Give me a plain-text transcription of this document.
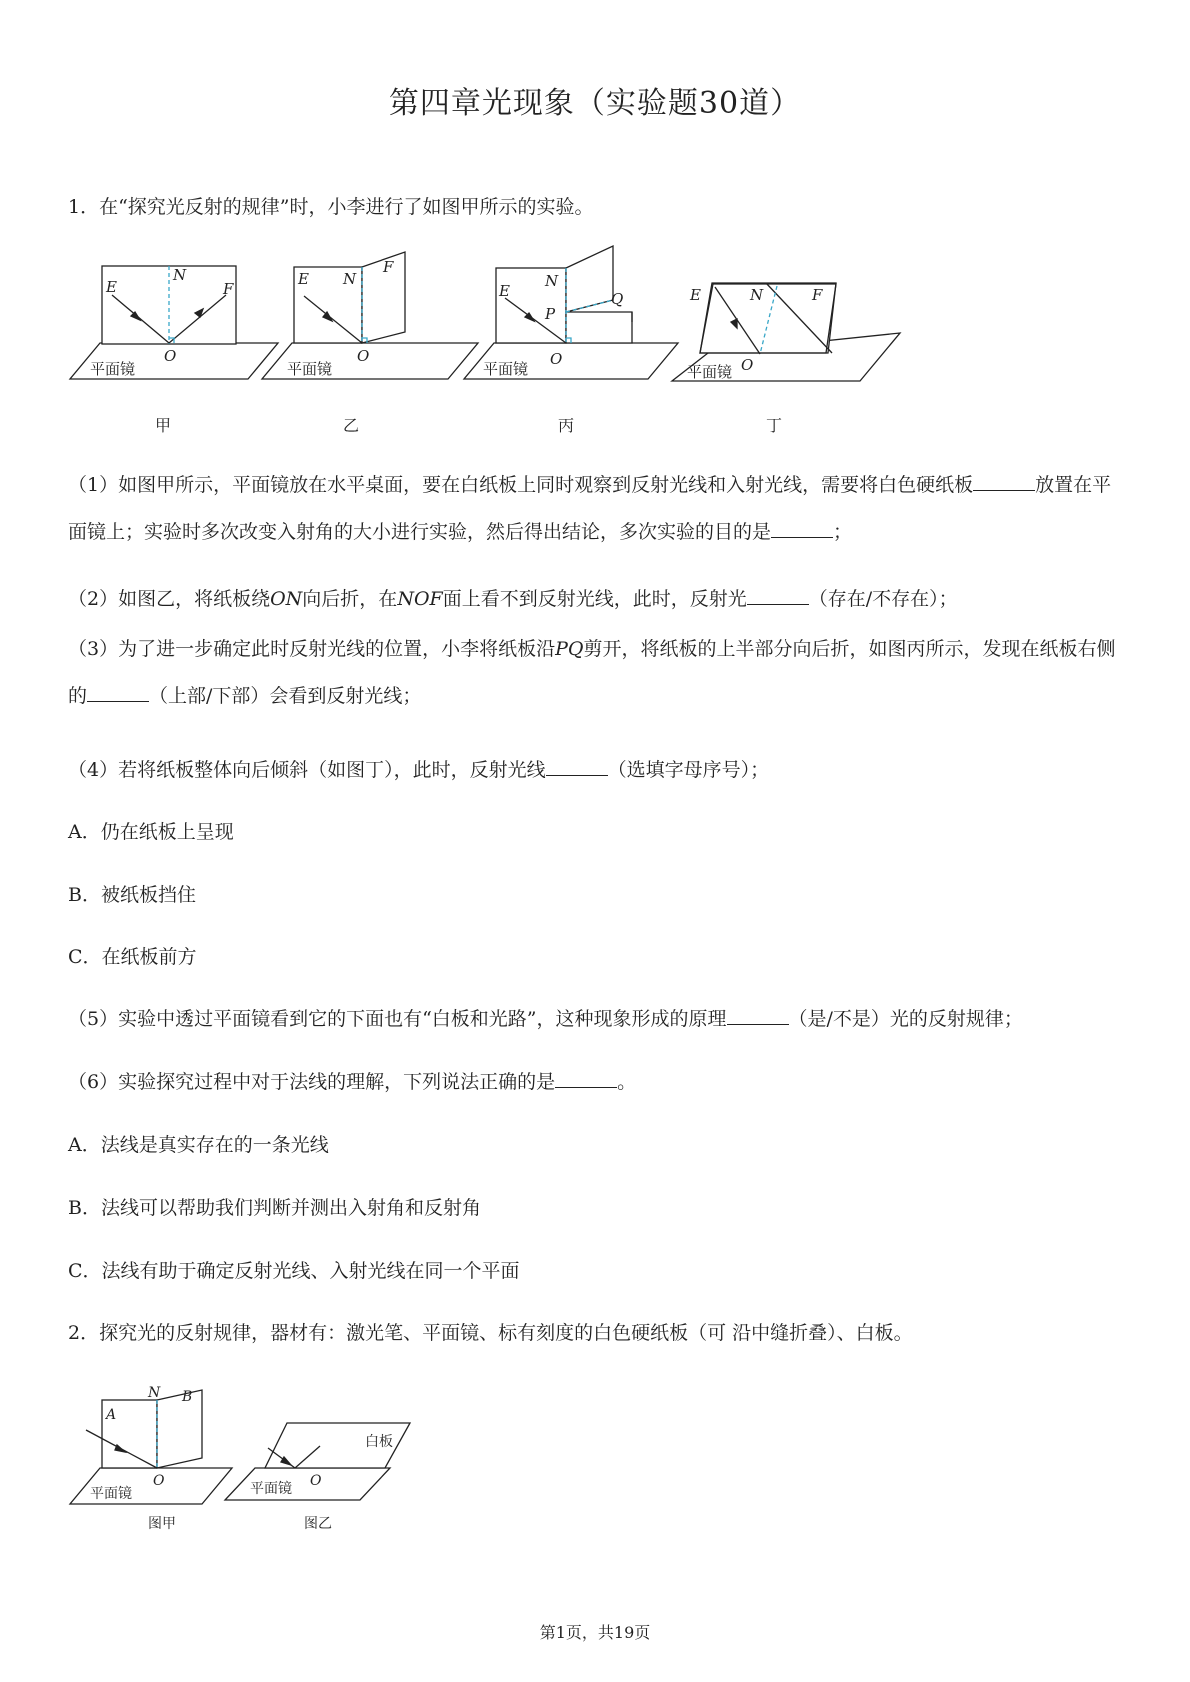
第四章光现象（实验题30道）
1．在“探究光反射的规律”时，小李进行了如图甲所示的实验。
E
N
F
O
E N
F
O
E
N
P
Q
O
E	N	F
O
平面镜	平面镜	平面镜	平面镜
甲	乙	丙	丁
（1）如图甲所示，平面镜放在水平桌面，要在白纸板上同时观察到反射光线和入射光线，需要将白色硬纸板	放置在平面镜上；实验时多次改变入射角的大小进行实验，然后得出结论，多次实验的目的是	；
（2）如图乙，将纸板绕ON向后折，在NOF面上看不到反射光线，此时，反射光	（存在/不存在）；
（3）为了进一步确定此时反射光线的位置，小李将纸板沿PQ剪开，将纸板的上半部分向后折，如图丙所示，发现在纸板右侧的	（上部/下部）会看到反射光线；
（4）若将纸板整体向后倾斜（如图丁），此时，反射光线	（选填字母序号）；
A．仍在纸板上呈现
B．被纸板挡住
C．在纸板前方
（5）实验中透过平面镜看到它的下面也有“白板和光路”，这种现象形成的原理	（是/不是）光的反射规律；
（6）实验探究过程中对于法线的理解，下列说法正确的是	。
A．法线是真实存在的一条光线
B．法线可以帮助我们判断并测出入射角和反射角
C．法线有助于确定反射光线、入射光线在同一个平面
2．探究光的反射规律，器材有：激光笔、平面镜、标有刻度的白色硬纸板（可 沿中缝折叠）、白板。
A
N B
O	O
平面镜	平面镜
白板
图甲	图乙
第1页，共19页
